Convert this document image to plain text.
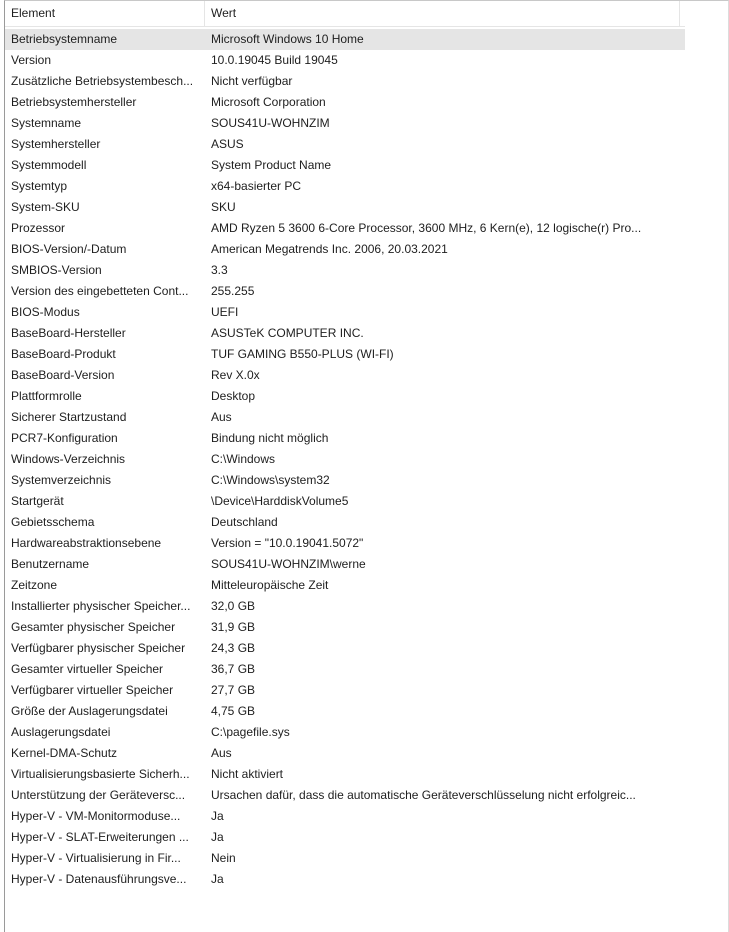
Element	Wert
Betriebsystemname	Microsoft Windows 10 Home
Version	10.0.19045 Build 19045
Zusätzliche Betriebsystembesch...	Nicht verfügbar
Betriebsystemhersteller	Microsoft Corporation
Systemname	SOUS41U-WOHNZIM
Systemhersteller	ASUS
Systemmodell	System Product Name
Systemtyp	x64-basierter PC
System-SKU	SKU
Prozessor	AMD Ryzen 5 3600 6-Core Processor, 3600 MHz, 6 Kern(e), 12 logische(r) Pro...
BIOS-Version/-Datum	American Megatrends Inc. 2006, 20.03.2021
SMBIOS-Version	3.3
Version des eingebetteten Cont...	255.255
BIOS-Modus	UEFI
BaseBoard-Hersteller	ASUSTeK COMPUTER INC.
BaseBoard-Produkt	TUF GAMING B550-PLUS (WI-FI)
BaseBoard-Version	Rev X.0x
Plattformrolle	Desktop
Sicherer Startzustand	Aus
PCR7-Konfiguration	Bindung nicht möglich
Windows-Verzeichnis	C:\Windows
Systemverzeichnis	C:\Windows\system32
Startgerät	\Device\HarddiskVolume5
Gebietsschema	Deutschland
Hardwareabstraktionsebene	Version = "10.0.19041.5072"
Benutzername	SOUS41U-WOHNZIM\werne
Zeitzone	Mitteleuropäische Zeit
Installierter physischer Speicher...	32,0 GB
Gesamter physischer Speicher	31,9 GB
Verfügbarer physischer Speicher	24,3 GB
Gesamter virtueller Speicher	36,7 GB
Verfügbarer virtueller Speicher	27,7 GB
Größe der Auslagerungsdatei	4,75 GB
Auslagerungsdatei	C:\pagefile.sys
Kernel-DMA-Schutz	Aus
Virtualisierungsbasierte Sicherh...	Nicht aktiviert
Unterstützung der Geräteversc...	Ursachen dafür, dass die automatische Geräteverschlüsselung nicht erfolgreic...
Hyper-V - VM-Monitormoduse...	Ja
Hyper-V - SLAT-Erweiterungen ...	Ja
Hyper-V - Virtualisierung in Fir...	Nein
Hyper-V - Datenausführungsve...	Ja
